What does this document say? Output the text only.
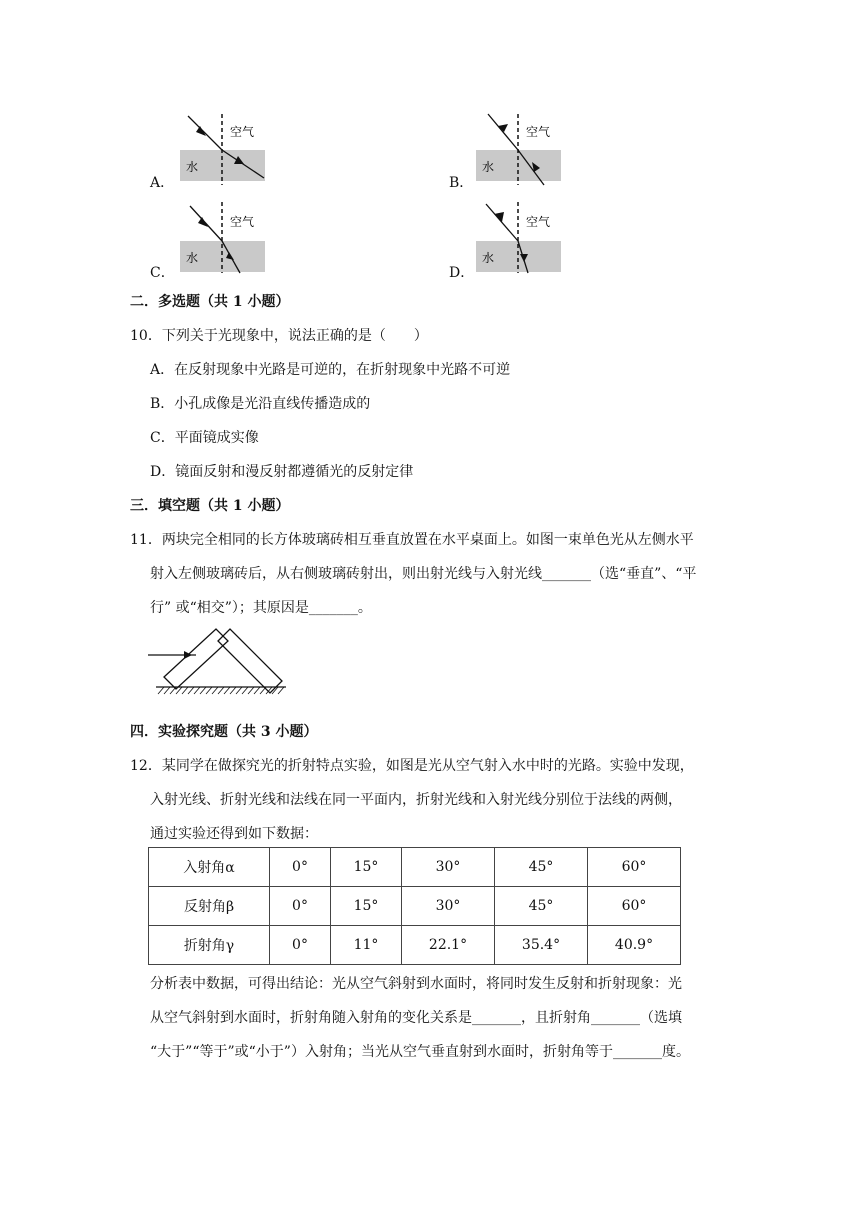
A．
空气
水
B．
空气
水
C．
空气
水
D．
空气
水
二．多选题（共 1 小题）
10．下列关于光现象中，说法正确的是（　　）
A．在反射现象中光路是可逆的，在折射现象中光路不可逆
B．小孔成像是光沿直线传播造成的
C．平面镜成实像
D．镜面反射和漫反射都遵循光的反射定律
三．填空题（共 1 小题）
11．两块完全相同的长方体玻璃砖相互垂直放置在水平桌面上。如图一束单色光从左侧水平
射入左侧玻璃砖后，从右侧玻璃砖射出，则出射光线与入射光线_______（选“垂直”、“平
行” 或“相交”）；其原因是_______。
四．实验探究题（共 3 小题）
12．某同学在做探究光的折射特点实验，如图是光从空气射入水中时的光路。实验中发现，
入射光线、折射光线和法线在同一平面内，折射光线和入射光线分别位于法线的两侧，
通过实验还得到如下数据：
入射角α	0°	15°	30°	45°	60°
反射角β	0°	15°	30°	45°	60°
折射角γ	0°	11°	22.1°	35.4°	40.9°
分析表中数据，可得出结论：光从空气斜射到水面时，将同时发生反射和折射现象：光
从空气斜射到水面时，折射角随入射角的变化关系是_______，且折射角_______（选填
“大于”“等于”或“小于”）入射角；当光从空气垂直射到水面时，折射角等于_______度。
